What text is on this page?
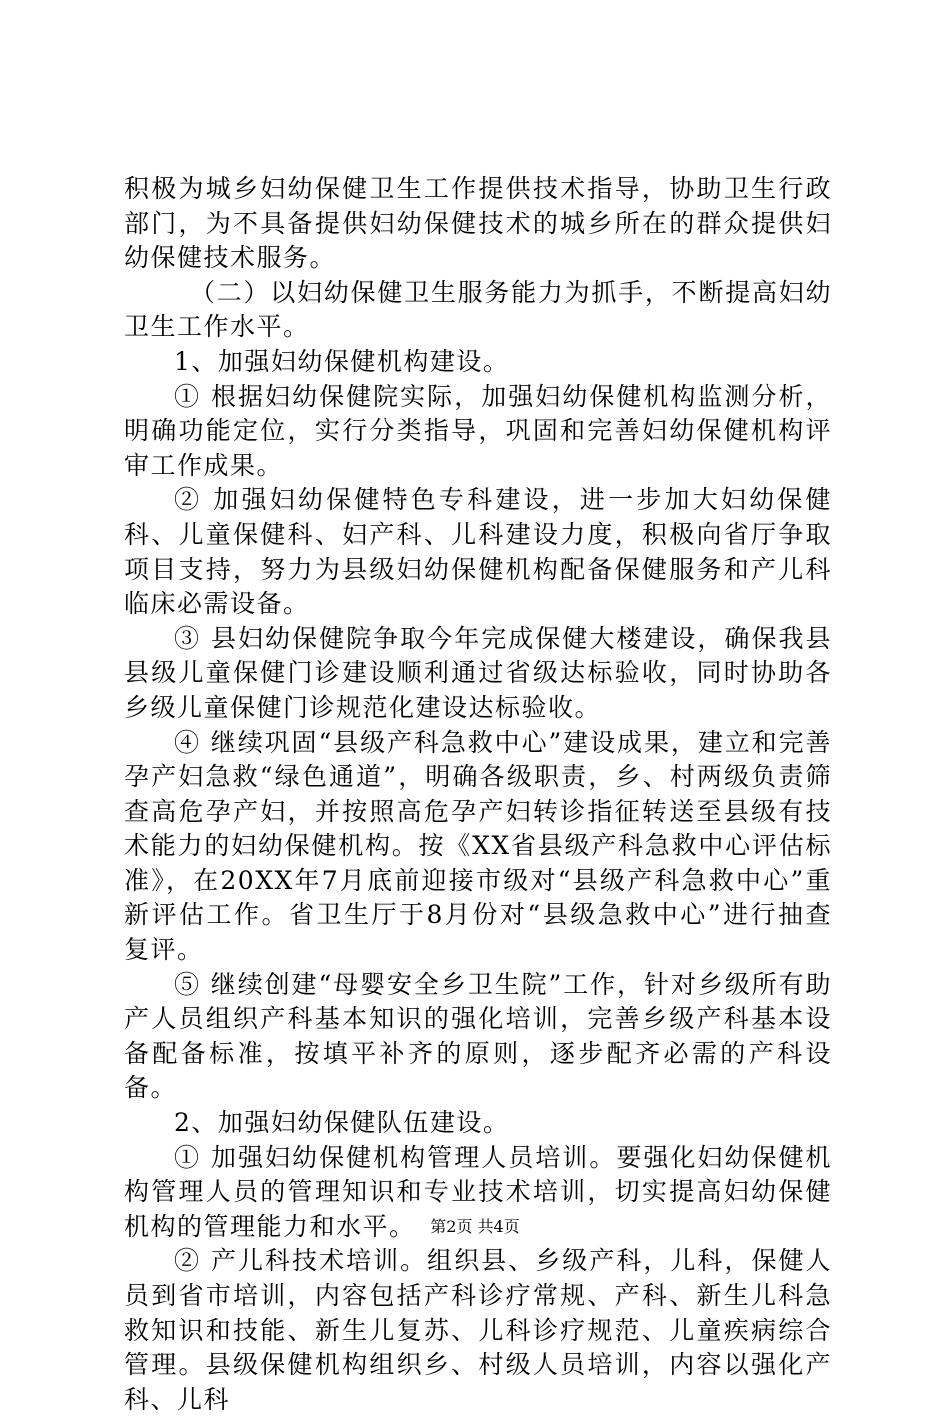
积极为城乡妇幼保健卫生工作提供技术指导，协助卫生行政部门，为不具备提供妇幼保健技术的城乡所在的群众提供妇幼保健技术服务。

（二）以妇幼保健卫生服务能力为抓手，不断提高妇幼卫生工作水平。

1、加强妇幼保健机构建设。

① 根据妇幼保健院实际，加强妇幼保健机构监测分析，明确功能定位，实行分类指导，巩固和完善妇幼保健机构评审工作成果。

② 加强妇幼保健特色专科建设，进一步加大妇幼保健科、儿童保健科、妇产科、儿科建设力度，积极向省厅争取项目支持，努力为县级妇幼保健机构配备保健服务和产儿科临床必需设备。

③ 县妇幼保健院争取今年完成保健大楼建设，确保我县县级儿童保健门诊建设顺利通过省级达标验收，同时协助各乡级儿童保健门诊规范化建设达标验收。

④ 继续巩固“县级产科急救中心”建设成果，建立和完善孕产妇急救“绿色通道”，明确各级职责，乡、村两级负责筛查高危孕产妇，并按照高危孕产妇转诊指征转送至县级有技术能力的妇幼保健机构。按《XX省县级产科急救中心评估标准》，在20XX年7月底前迎接市级对“县级产科急救中心”重新评估工作。省卫生厅于8月份对“县级急救中心”进行抽查复评。

⑤ 继续创建“母婴安全乡卫生院”工作，针对乡级所有助产人员组织产科基本知识的强化培训，完善乡级产科基本设备配备标准，按填平补齐的原则，逐步配齐必需的产科设备。

2、加强妇幼保健队伍建设。

① 加强妇幼保健机构管理人员培训。要强化妇幼保健机构管理人员的管理知识和专业技术培训，切实提高妇幼保健机构的管理能力和水平。

② 产儿科技术培训。组织县、乡级产科，儿科，保健人员到省市培训，内容包括产科诊疗常规、产科、新生儿科急救知识和技能、新生儿复苏、儿科诊疗规范、儿童疾病综合管理。县级保健机构组织乡、村级人员培训，内容以强化产科、儿科

第2页 共4页
